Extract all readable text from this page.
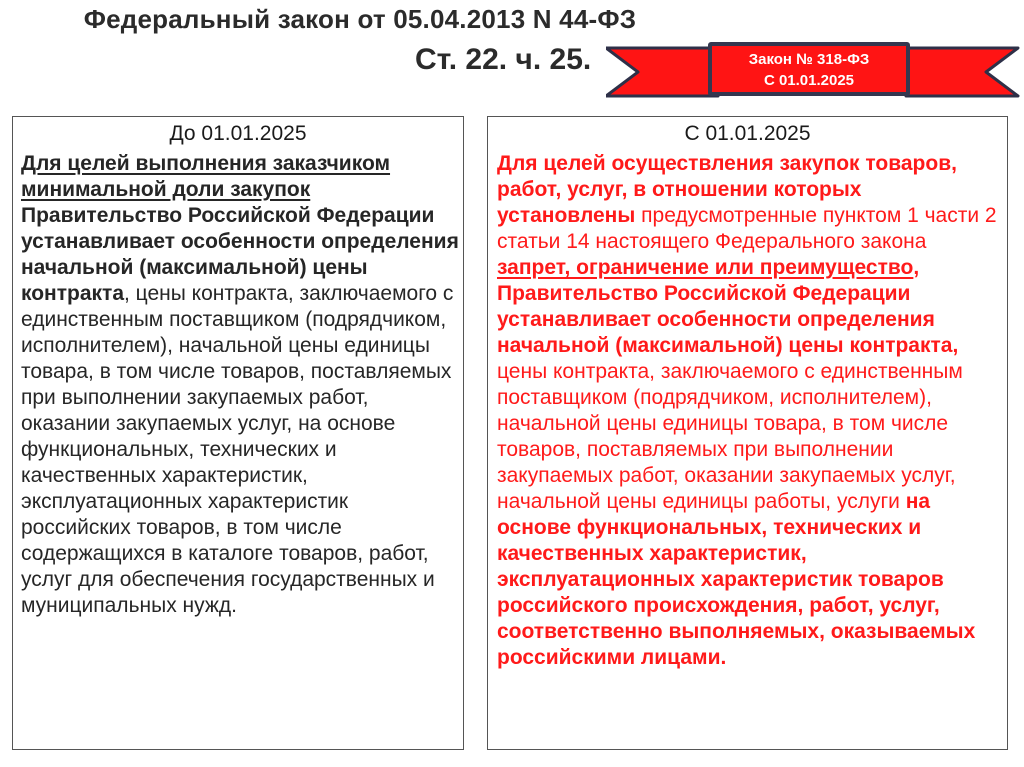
Федеральный закон от 05.04.2013 N 44-ФЗ
Ст. 22. ч. 25.	Закон № 318-ФЗ
С 01.01.2025
До 01.01.2025
Для целей выполнения заказчиком минимальной доли закупок Правительство Российской Федерации устанавливает особенности определения начальной (максимальной) цены контракта, цены контракта, заключаемого с единственным поставщиком (подрядчиком, исполнителем), начальной цены единицы товара, в том числе товаров, поставляемых при выполнении закупаемых работ, оказании закупаемых услуг, на основе функциональных, технических и качественных характеристик, эксплуатационных характеристик российских товаров, в том числе содержащихся в каталоге товаров, работ, услуг для обеспечения государственных и муниципальных нужд.
С 01.01.2025
Для целей осуществления закупок товаров, работ, услуг, в отношении которых установлены предусмотренные пунктом 1 части 2 статьи 14 настоящего Федерального закона запрет, ограничение или преимущество, Правительство Российской Федерации устанавливает особенности определения начальной (максимальной) цены контракта, цены контракта, заключаемого с единственным поставщиком (подрядчиком, исполнителем), начальной цены единицы товара, в том числе товаров, поставляемых при выполнении закупаемых работ, оказании закупаемых услуг, начальной цены единицы работы, услуги на основе функциональных, технических и качественных характеристик, эксплуатационных характеристик товаров российского происхождения, работ, услуг, соответственно выполняемых, оказываемых российскими лицами.
